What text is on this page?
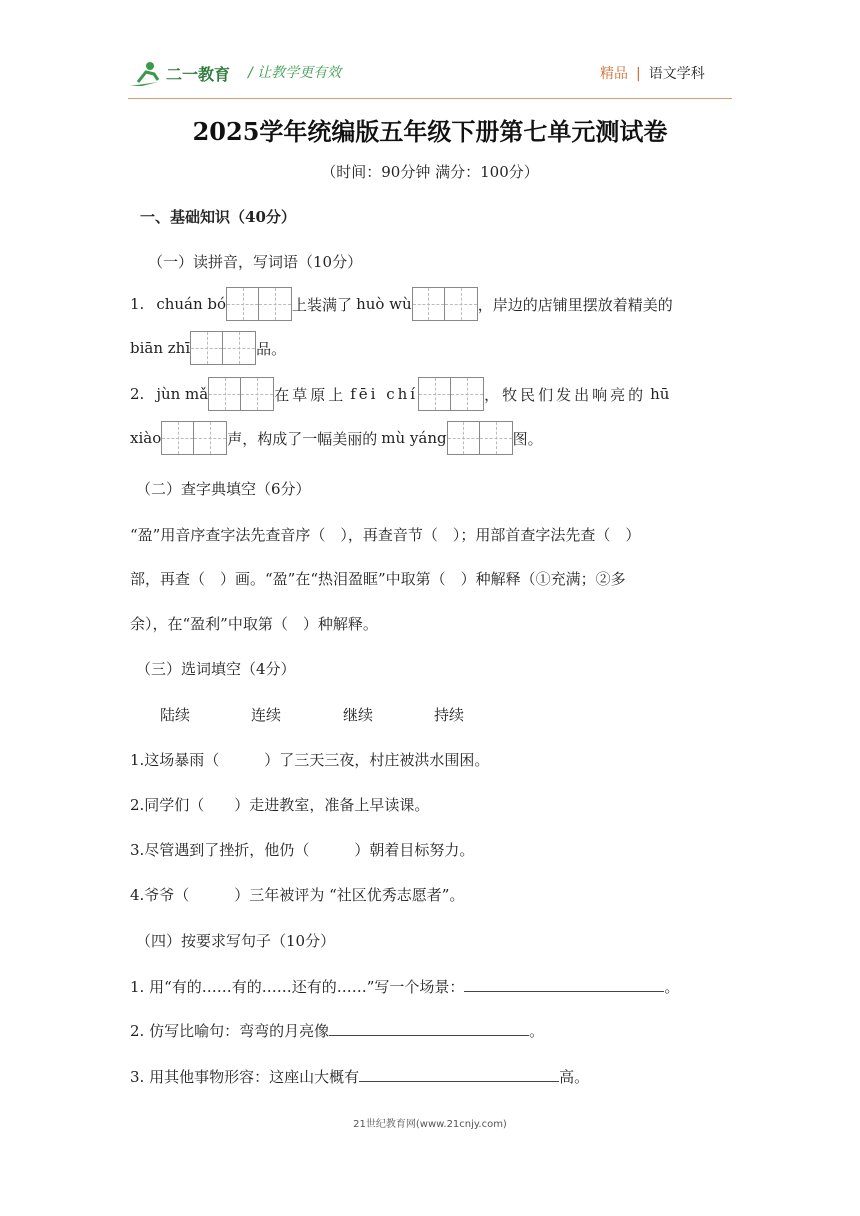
二一教育 / 让教学更有效	精品 | 语文学科
2025学年统编版五年级下册第七单元测试卷
（时间：90分钟 满分：100分）
一、基础知识（40分）
（一）读拼音，写词语（10分）
1. chuán bó	上装满了 huò wù	，岸边的店铺里摆放着精美的
biān zhī	品。
2. jùn mǎ	在草原上 fēi chí	，牧民们发出响亮的 hū
xiào	声，构成了一幅美丽的 mù yáng	图。
（二）查字典填空（6分）
“盈”用音序查字法先查音序（　），再查音节（　）；用部首查字法先查（　）
部，再查（　）画。“盈”在“热泪盈眶”中取第（　）种解释（①充满；②多
余），在“盈利”中取第（　）种解释。
（三）选词填空（4分）
陆续	连续	继续	持续
1.这场暴雨（　　　）了三天三夜，村庄被洪水围困。
2.同学们（　　）走进教室，准备上早读课。
3.尽管遇到了挫折，他仍（　　　）朝着目标努力。
4.爷爷（　　　）三年被评为 “社区优秀志愿者”。
（四）按要求写句子（10分）
1. 用“有的……有的……还有的……”写一个场景：	。
2. 仿写比喻句：弯弯的月亮像	。
3. 用其他事物形容：这座山大概有	高。
21世纪教育网(www.21cnjy.com)
